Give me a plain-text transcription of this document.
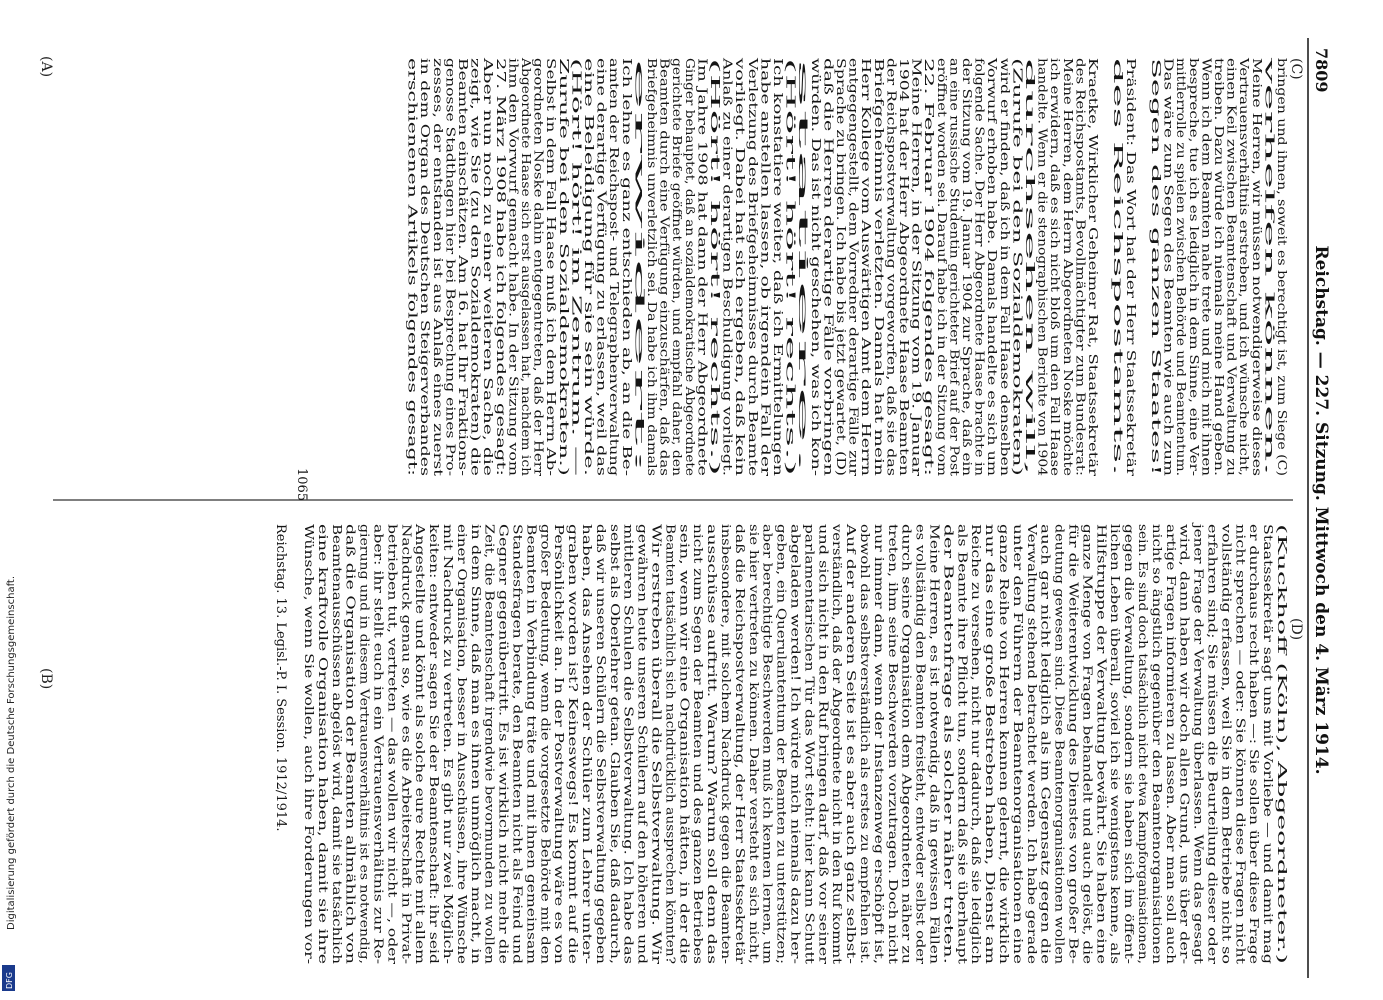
7809
Reichstag. — 227. Sitzung. Mittwoch den 4. März 1914.
(A)
(B)
(C)
(D)
bringen und ihnen, soweit es berechtigt ist, zum Siege (C)
verhelfen können.
Meine Herren, wir müssen notwendigerweise dieses
Vertrauensverhältnis erstreben, und ich wünsche nicht,
einen Keil zwischen Beamtenschaft und Verwaltung zu
treiben. Dazu würde ich niemals meine Hand geben.
Wenn ich dem Beamten nahe trete und mich mit ihnen
bespreche, tue ich es lediglich in dem Sinne, eine Ver-
mittlerrolle zu spielen zwischen Behörde und Beamtentum.
Das wäre zum Segen des Beamten wie auch zum
Segen des ganzen Staates!
Präsident: Das Wort hat der Herr Staatssekretär
des Reichspostamts.
Kraetke, Wirklicher Geheimer Rat, Staatssekretär
des Reichspostamts, Bevollmächtigter zum Bundesrat:
Meine Herren, dem Herrn Abgeordneten Noske möchte
ich erwidern, daß es sich nicht bloß um den Fall Haase
handelte. Wenn er die stenographischen Berichte von 1904
durchsehen will,
(Zurufe bei den Sozialdemokraten)
wird er finden, daß ich in dem Fall Haase denselben
Vorwurf erhoben habe. Damals handelte es sich um
folgende Sache. Der Herr Abgeordnete Haase brachte in
der Sitzung vom 19. Januar 1904 zur Sprache, daß ein
an eine russische Studentin gerichteter Brief auf der Post
eröffnet worden sei. Darauf habe ich in der Sitzung vom
22. Februar 1904 folgendes gesagt:
Meine Herren, in der Sitzung vom 19. Januar
1904 hat der Herr Abgeordnete Haase Beamten
der Reichspostverwaltung vorgeworfen, daß sie das
Briefgeheimnis verletzten. Damals hat mein
Herr Kollege vom Auswärtigen Amt dem Herrn
entgegengestellt, dem Vorredner derartige Fälle zur
Sprache zu bringen. Ich habe bis jetzt gewartet, (D)
daß die Herren derartige Fälle vorbringen
würden. Das ist nicht geschehen, was ich kon-
statiere.
(Hört! hört! rechts.)
Ich konstatiere weiter, daß ich Ermittelungen
habe anstellen lassen, ob irgendein Fall der
Verletzung des Briefgeheimnisses durch Beamte
vorliegt. Dabei hat sich ergeben, daß kein
Anlaß zu einer derartigen Beschuldigung vorliegt.
(Hört! hört! rechts.)
Im Jahre 1908 hat dann der Herr Abgeordnete
Ginger behauptet, daß an sozialdemokratische Abgeordnete
gerichtete Briefe geöffnet würden, und empfahl daher, den
Beamten durch eine Verfügung einzuschärfen, daß das
Briefgeheimnis unverletzlich sei. Da habe ich ihm damals
erwidert:
Ich lehne es ganz entschieden ab, an die Be-
amten der Reichspost- und Telegraphenverwaltung
eine derartige Verfügung zu erlassen, weil das
eine Beleidigung für sie sein würde.
(Hört! hört! im Zentrum. —
Zurufe bei den Sozialdemokraten.)
Selbst in dem Fall Haase muß ich dem Herrn Ab-
geordneten Noske dahin entgegentreten, daß der Herr
Abgeordnete Haase sich erst ausgelassen hat, nachdem ich
ihm den Vorwurf gemacht habe. In der Sitzung vom
27. März 1908 habe ich folgendes gesagt:
Aber nun noch zu einer weiteren Sache, die
zeigt, wie Sie (zu den Sozialdemokraten) die
Beamten einschätzen. Am 16. hat Ihr Fraktions-
genosse Stadthagen hier bei Besprechung eines Pro-
zesses, der entstanden ist aus Anlaß eines zuerst
in dem Organ des Deutschen Steigerverbandes
erschienenen Artikels folgendes gesagt:
1065
(Kuckhoff (Köln), Abgeordneter.)
Staatssekretär sagt uns mit Vorliebe — und damit mag
er durchaus recht haben —: Sie sollen über diese Frage
nicht sprechen — oder: Sie können diese Fragen nicht
vollständig erfassen, weil Sie in dem Betriebe nicht so
erfahren sind; Sie müssen die Beurteilung dieser oder
jener Frage der Verwaltung überlassen. Wenn das gesagt
wird, dann haben wir doch allen Grund, uns über der-
artige Fragen informieren zu lassen. Aber man soll auch
nicht so ängstlich gegenüber den Beamtenorganisationen
sein. Es sind doch tatsächlich nicht etwa Kampforganisationen,
gegen die Verwaltung, sondern sie haben sich im öffent-
lichen Leben überall, soviel ich sie wenigstens kenne, als
Hilfstruppe der Verwaltung bewährt. Sie haben eine
ganze Menge von Fragen behandelt und auch gelöst, die
für die Weiterentwicklung des Dienstes von großer Be-
deutung gewesen sind. Diese Beamtenorganisationen wollen
auch gar nicht lediglich als im Gegensatz gegen die
Verwaltung stehend betrachtet werden. Ich habe gerade
unter den Führern der Beamtenorganisationen eine
ganze Reihe von Herren kennen gelernt, die wirklich
nur das eine große Bestreben haben, Dienst am
Reiche zu versehen, nicht nur dadurch, daß sie lediglich
als Beamte ihre Pflicht tun, sondern daß sie überhaupt
der Beamtenfrage als solcher näher treten.
Meine Herren, es ist notwendig, daß in gewissen Fällen
es vollständig den Beamten freisteht, entweder selbst oder
durch seine Organisation dem Abgeordneten näher zu
treten, ihm seine Beschwerden vorzutragen. Doch nicht
nur immer dann, wenn der Instanzenweg erschöpft ist,
obwohl das selbstverständlich als erstes zu empfehlen ist.
Auf der anderen Seite ist es aber auch ganz selbst-
verständlich, daß der Abgeordnete nicht in den Ruf kommt
und sich nicht in den Ruf bringen darf, daß vor seiner
parlamentarischen Tür das Wort steht: hier kann Schutt
abgeladen werden! Ich würde mich niemals dazu her-
geben, ein Querulantentum der Beamten zu unterstützen;
aber berechtigte Beschwerden muß ich kennen lernen, um
sie hier vertreten zu können. Daher versteht es sich nicht,
daß die Reichspostverwaltung, der Herr Staatssekretär
insbesondere, mit solchem Nachdruck gegen die Beamten-
ausschüsse auftritt. Warum? Warum soll denn das
nicht zum Segen der Beamten und des ganzen Betriebes
sein, wenn wir eine Organisation hätten, in der die
Beamten tatsächlich sich nachdrücklich aussprechen könnten?
Wir erstreben überall die Selbstverwaltung. Wir
gewähren heute unseren Schülern auf den höheren und
mittleren Schulen die Selbstverwaltung. Ich habe das
selbst als Oberlehrer getan. Glauben Sie, daß dadurch,
daß wir unseren Schülern die Selbstverwaltung gegeben
haben, das Ansehen der Schüler zum Lehrer unter-
graben worden ist? Keineswegs! Es kommt auf die
Persönlichkeit an. In der Postverwaltung wäre es von
großer Bedeutung, wenn die vorgesetzte Behörde mit den
Beamten in Verbindung träte und mit ihnen gemeinsam
Standesfragen berate, den Beamten nicht als Feind und
Gegner gegenübertritt. Es ist wirklich nicht mehr die
Zeit, die Beamtenschaft irgendwie bevormunden zu wollen
in dem Sinne, daß man es ihnen unmöglich macht, in
einer Organisation, besser in Ausschüssen, ihre Wünsche
mit Nachdruck zu vertreten. Es gibt nur zwei Möglich-
keiten: entweder sagen Sie der Beamtenschaft: ihr seid
Angestellte und könnt als solche eure Rechte mit allem
Nachdruck genau so, wie es die Arbeiterschaft in Privat-
betrieben tut, vertreten — das wollen wir nicht —, oder
aber: ihr stellt euch in ein Vertrauensverhältnis zur Re-
gierung und in diesem Vertrauensverhältnis ist es notwendig,
daß die Organisation der Beamten allmählich von
Beamtenausschüssen abgelöst wird, damit sie tatsächlich
eine kraftvolle Organisation haben, damit sie ihre
Wünsche, wenn Sie wollen, auch ihre Forderungen vor-
Reichstag. 13. Legisl.-P. I. Session. 1912/1914.
Digitalisierung gefördert durch die Deutsche Forschungsgemeinschaft.
DFG
